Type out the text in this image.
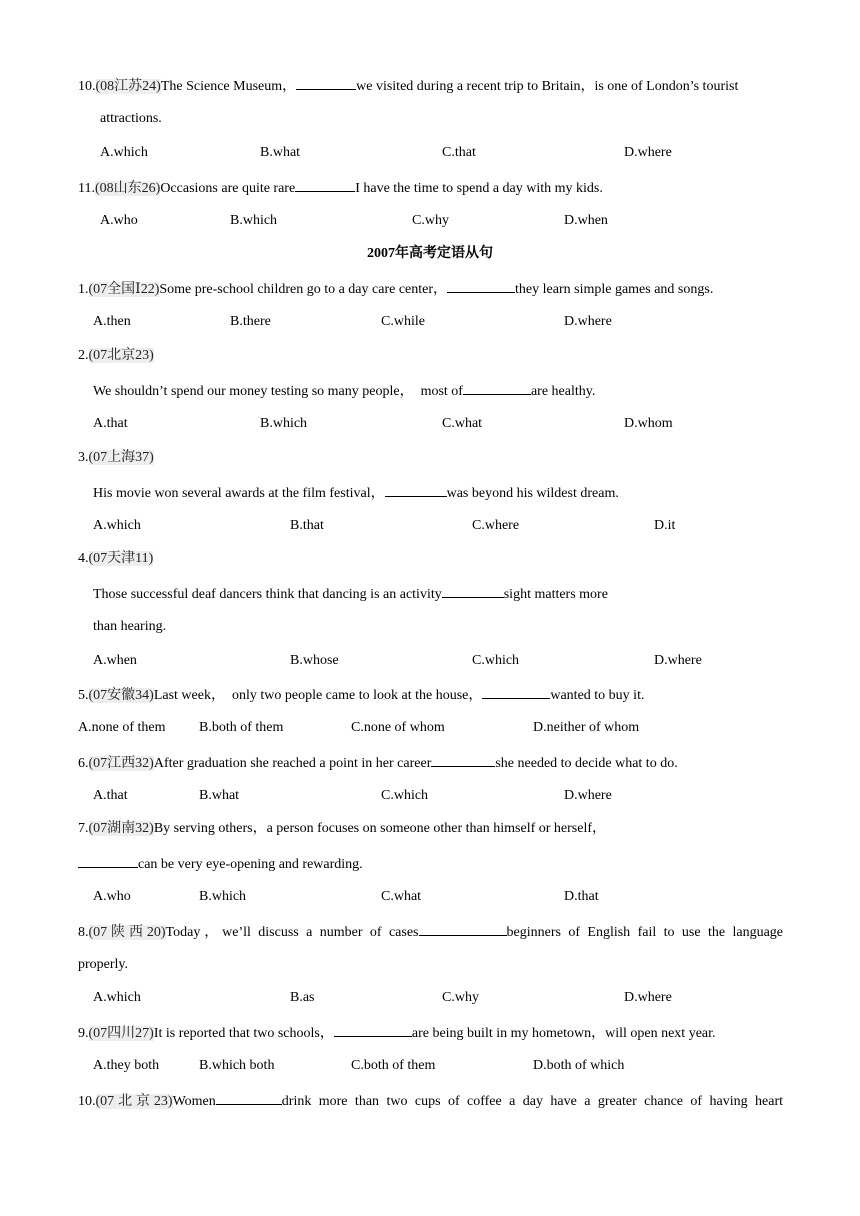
10.(08江苏24)The Science Museum，	we visited during a recent trip to Britain，is one of London’s tourist
attractions.
A.which	B.what	C.that	D.where
11.(08山东26)Occasions are quite rare	I have the time to spend a day with my kids.
A.who	B.which	C.why	D.when
2007年高考定语从句
1.(07全国Ⅰ22)Some pre-school children go to a day care center，	they learn simple games and songs.
A.then	B.there	C.while	D.where
2.(07北京23)
We shouldn’t spend our money testing so many people，  most of	are healthy.
A.that	B.which	C.what	D.whom
3.(07上海37)
His movie won several awards at the film festival，	was beyond his wildest dream.
A.which	B.that	C.where	D.it
4.(07天津11)
Those successful deaf dancers think that dancing is an activity	sight matters more
than hearing.
A.when	B.whose	C.which	D.where
5.(07安徽34)Last week，  only two people came to look at the house，	wanted to buy it.
A.none of them B.both of them	C.none of whom	D.neither of whom
6.(07江西32)After graduation she reached a point in her career	she needed to decide what to do.
A.that	B.what	C.which	D.where
7.(07湖南32)By serving others，a person focuses on someone other than himself or herself，
can be very eye-opening and rewarding.
A.who	B.which	C.what	D.that
8.(07陕西20)Today，we’ll discuss a number of cases	beginners of English fail to use the language
properly.
A.which	B.as	C.why	D.where
9.(07四川27)It is reported that two schools，	are being built in my hometown，will open next year.
A.they both	B.which both	C.both of them	D.both of which
10.(07北京23)Women	drink more than two cups of coffee a day have a greater chance of having heart
